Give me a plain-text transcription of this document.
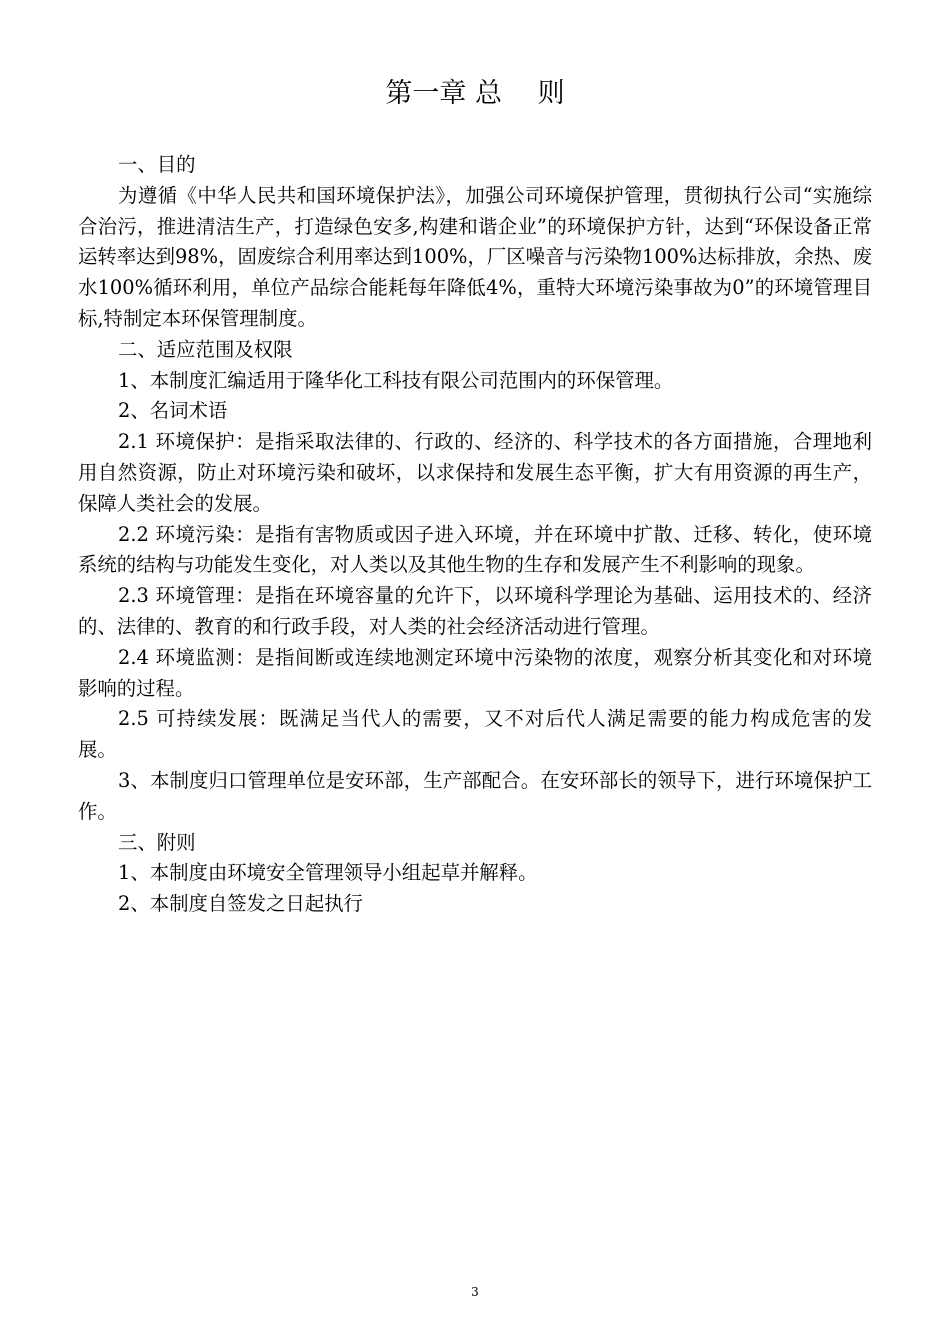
第一章 总　 则

一、目的

为遵循《中华人民共和国环境保护法》，加强公司环境保护管理，贯彻执行公司“实施综合治污，推进清洁生产，打造绿色安多,构建和谐企业”的环境保护方针，达到“环保设备正常运转率达到98%，固废综合利用率达到100%，厂区噪音与污染物100%达标排放，余热、废水100%循环利用，单位产品综合能耗每年降低4%，重特大环境污染事故为0”的环境管理目标,特制定本环保管理制度。

二、适应范围及权限

1、本制度汇编适用于隆华化工科技有限公司范围内的环保管理。

2、名词术语

2.1 环境保护：是指采取法律的、行政的、经济的、科学技术的各方面措施，合理地利用自然资源，防止对环境污染和破坏，以求保持和发展生态平衡，扩大有用资源的再生产，保障人类社会的发展。

2.2 环境污染：是指有害物质或因子进入环境，并在环境中扩散、迁移、转化，使环境系统的结构与功能发生变化，对人类以及其他生物的生存和发展产生不利影响的现象。

2.3 环境管理：是指在环境容量的允许下，以环境科学理论为基础、运用技术的、经济的、法律的、教育的和行政手段，对人类的社会经济活动进行管理。

2.4 环境监测：是指间断或连续地测定环境中污染物的浓度，观察分析其变化和对环境影响的过程。

2.5 可持续发展：既满足当代人的需要，又不对后代人满足需要的能力构成危害的发展。

3、本制度归口管理单位是安环部，生产部配合。在安环部长的领导下，进行环境保护工作。

三、附则

1、本制度由环境安全管理领导小组起草并解释。

2、本制度自签发之日起执行

3
